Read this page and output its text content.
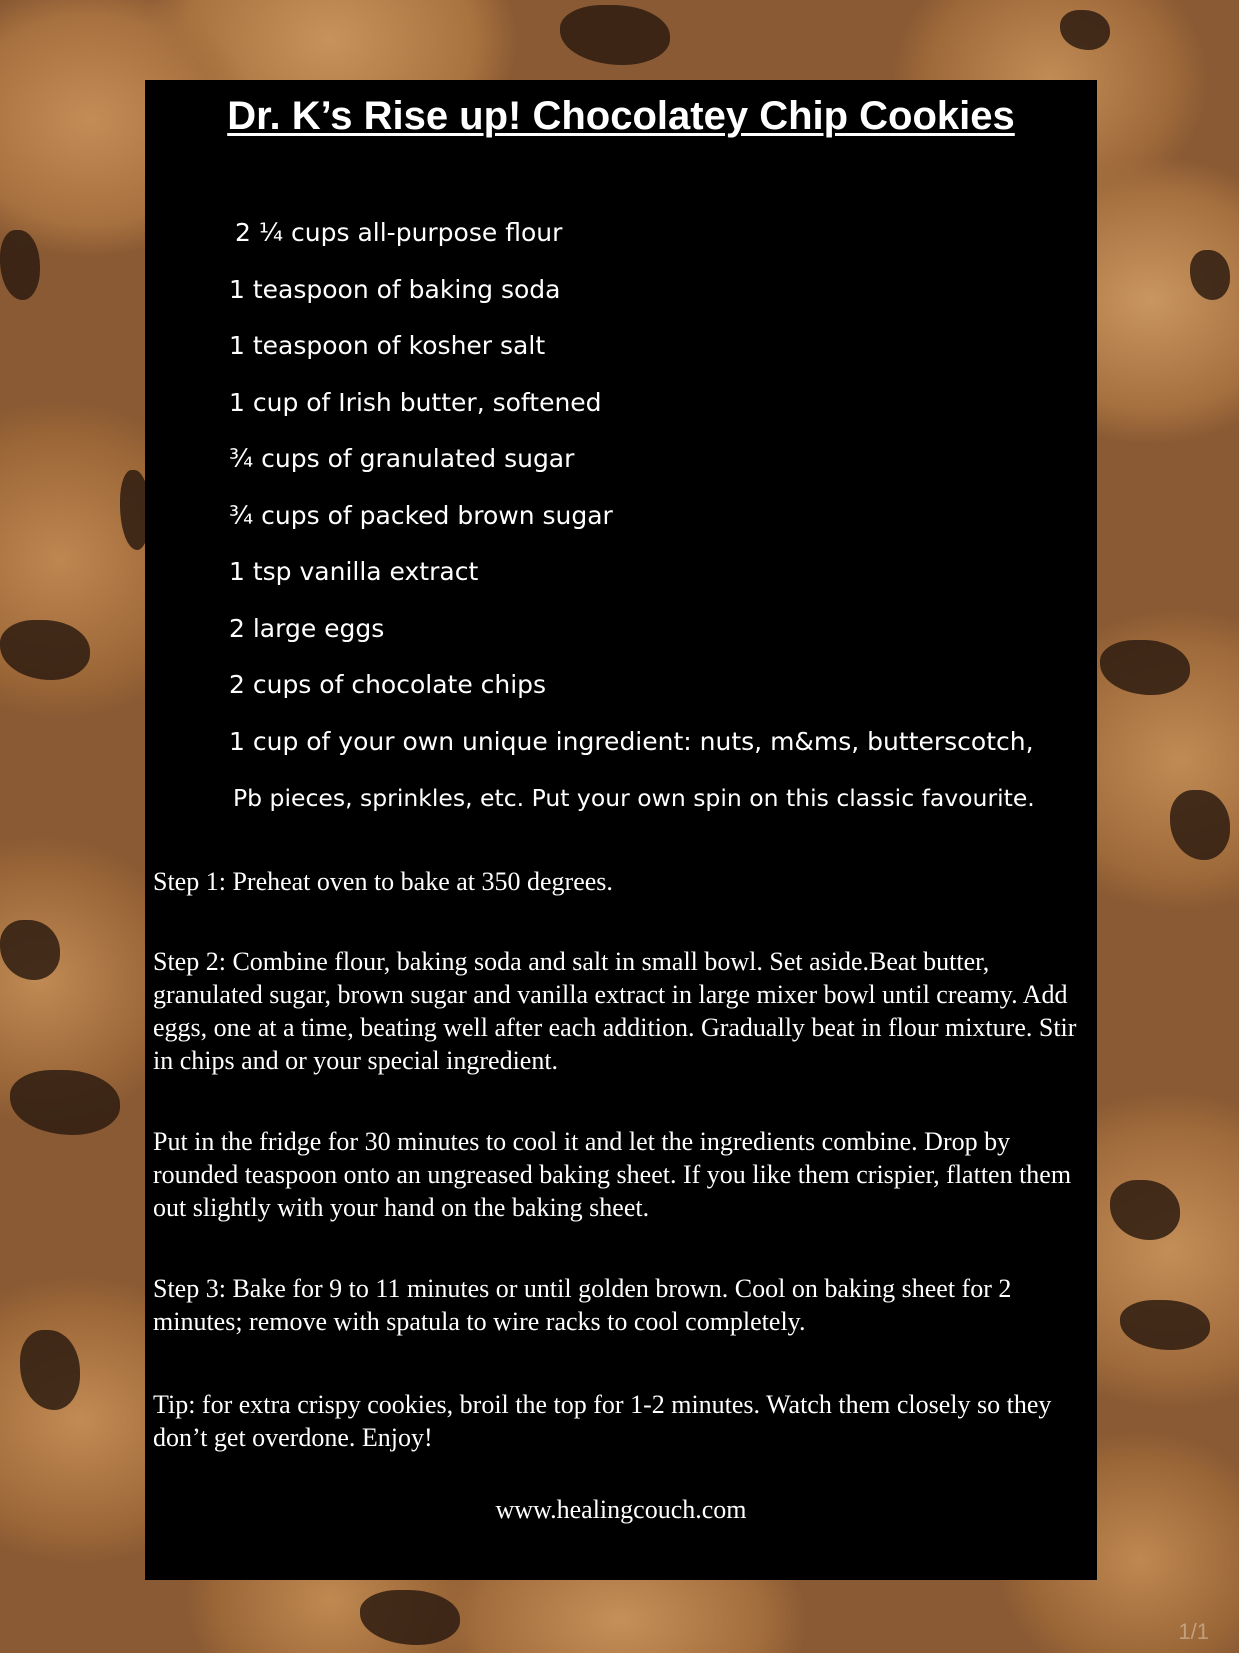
Dr. K’s Rise up! Chocolatey Chip Cookies
2 ¼ cups all-purpose flour
1 teaspoon of baking soda
1 teaspoon of kosher salt
1 cup of Irish butter, softened
¾ cups of granulated sugar
¾ cups of packed brown sugar
1 tsp vanilla extract
2 large eggs
2 cups of chocolate chips
1 cup of your own unique ingredient: nuts, m&ms, butterscotch,
Pb pieces, sprinkles, etc. Put your own spin on this classic favourite.

Step 1: Preheat oven to bake at 350 degrees.

Step 2: Combine flour, baking soda and salt in small bowl. Set aside.Beat butter, granulated sugar, brown sugar and vanilla extract in large mixer bowl until creamy. Add eggs, one at a time, beating well after each addition. Gradually beat in flour mixture. Stir in chips and or your special ingredient.

Put in the fridge for 30 minutes to cool it and let the ingredients combine. Drop by rounded teaspoon onto an ungreased baking sheet. If you like them crispier, flatten them out slightly with your hand on the baking sheet.

Step 3: Bake for 9 to 11 minutes or until golden brown. Cool on baking sheet for 2 minutes; remove with spatula to wire racks to cool completely.

Tip: for extra crispy cookies, broil the top for 1-2 minutes. Watch them closely so they don’t get overdone. Enjoy!

www.healingcouch.com
1/1
